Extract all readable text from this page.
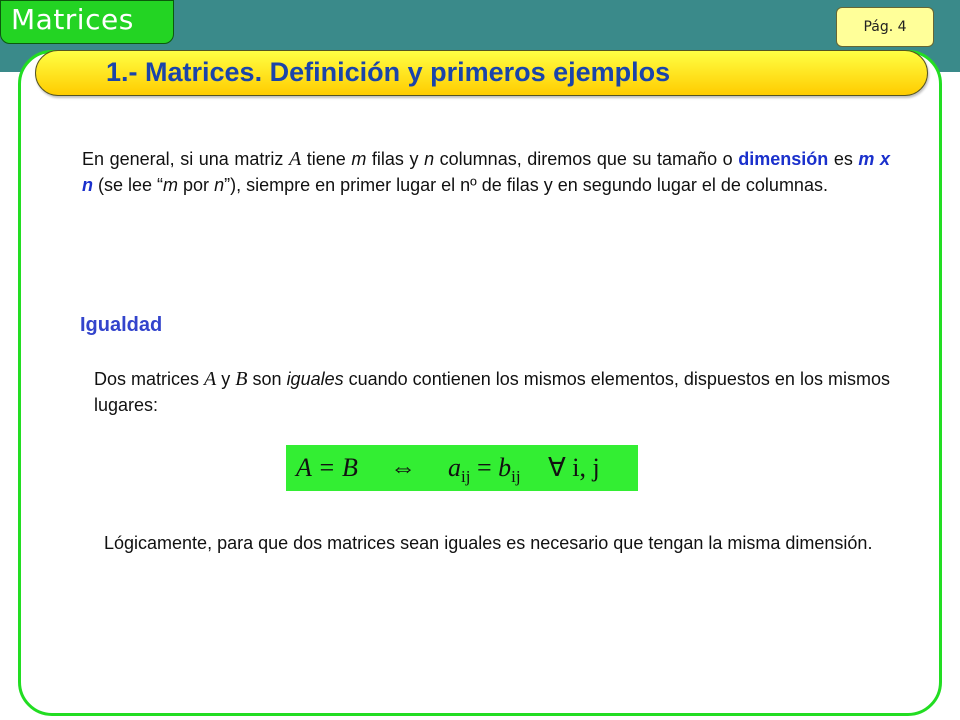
Matrices	Pág. 4
1.- Matrices. Definición y primeros ejemplos
En general, si una matriz A tiene m filas y n columnas, diremos que su tamaño o dimensión es m x n (se lee “m por n”), siempre en primer lugar el nº de filas y en segundo lugar el de columnas.
Igualdad
Dos matrices A y B son iguales cuando contienen los mismos elementos, dispuestos en los mismos lugares:
A = B ⇔ $a_{ij} = b_{ij}$ ∀ i, j
Lógicamente, para que dos matrices sean iguales es necesario que tengan la misma dimensión.
